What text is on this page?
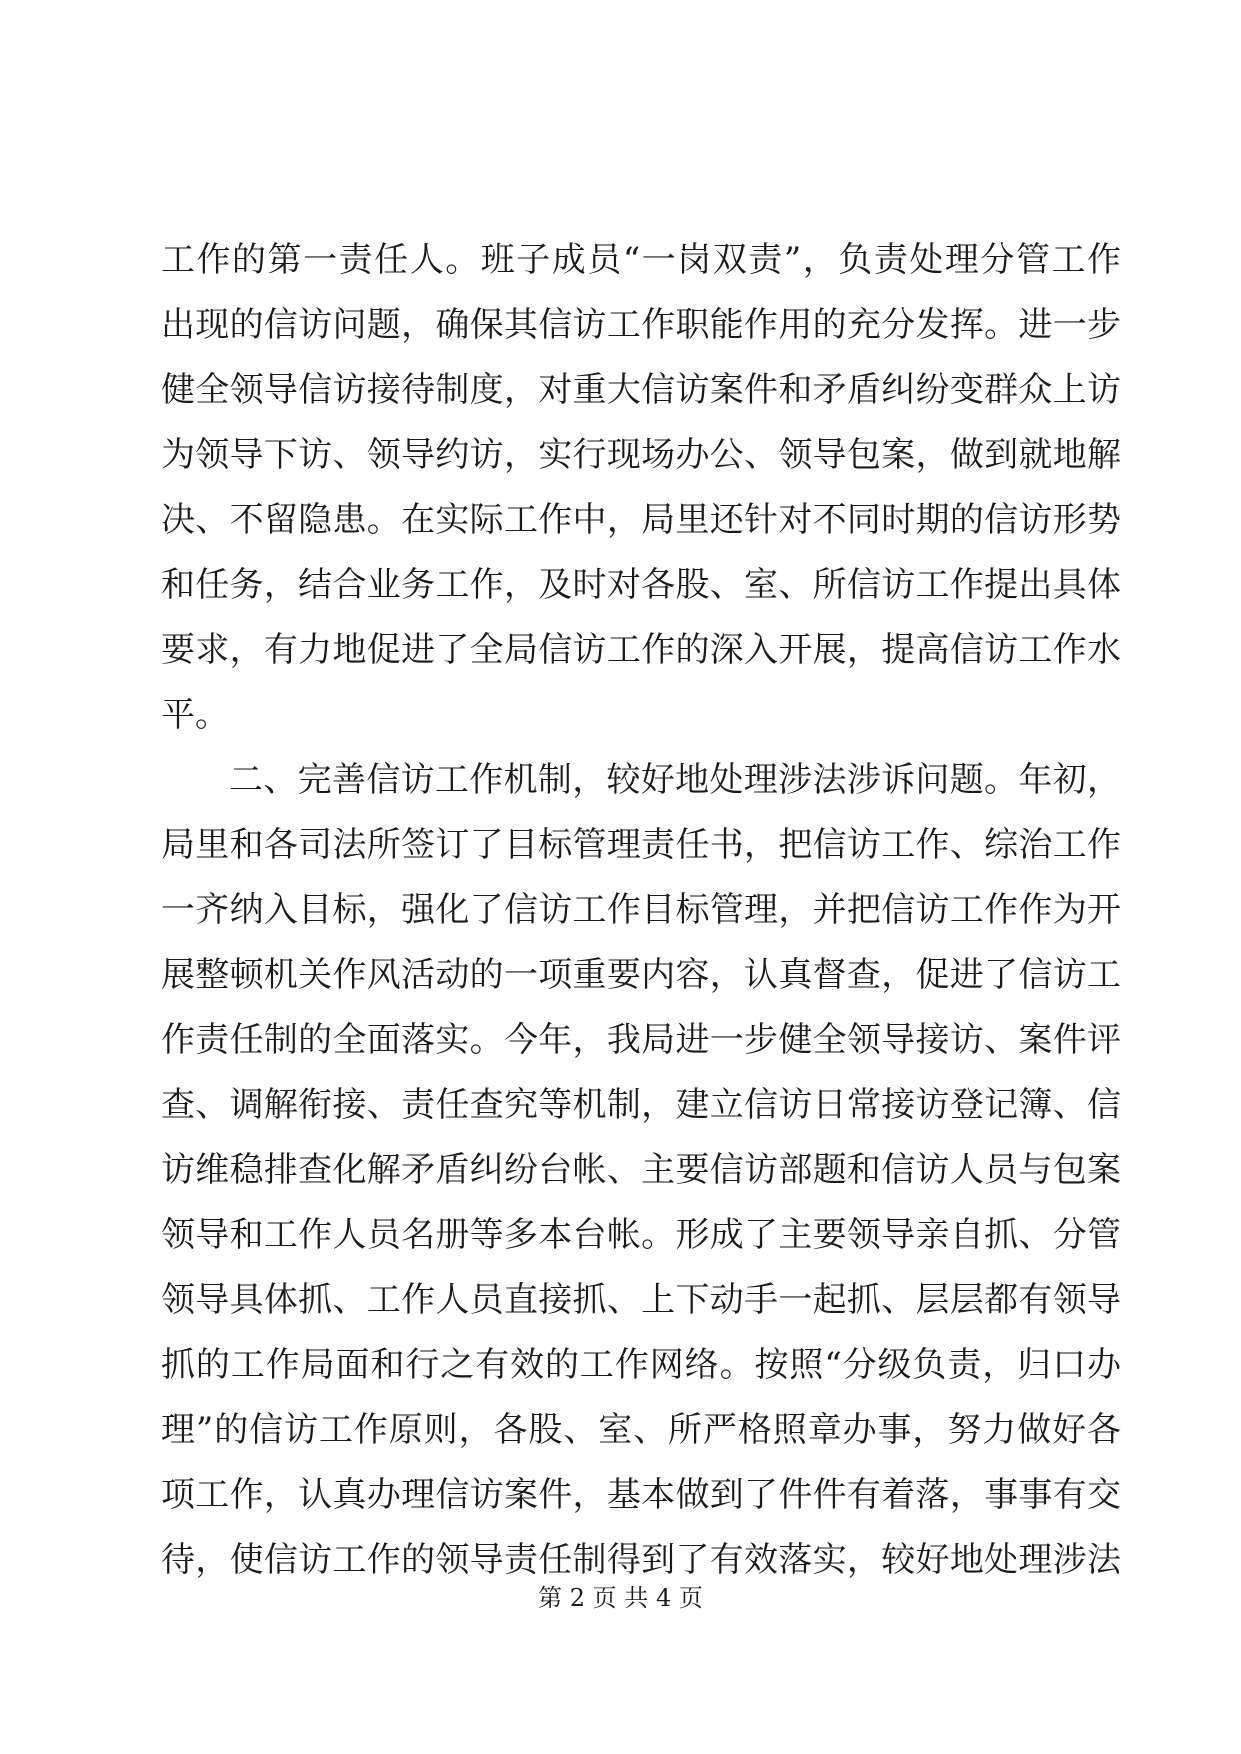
工作的第一责任人。班子成员“一岗双责”，负责处理分管工作
出现的信访问题，确保其信访工作职能作用的充分发挥。进一步
健全领导信访接待制度，对重大信访案件和矛盾纠纷变群众上访
为领导下访、领导约访，实行现场办公、领导包案，做到就地解
决、不留隐患。在实际工作中，局里还针对不同时期的信访形势
和任务，结合业务工作，及时对各股、室、所信访工作提出具体
要求，有力地促进了全局信访工作的深入开展，提高信访工作水
平。
二、完善信访工作机制，较好地处理涉法涉诉问题。年初，
局里和各司法所签订了目标管理责任书，把信访工作、综治工作
一齐纳入目标，强化了信访工作目标管理，并把信访工作作为开
展整顿机关作风活动的一项重要内容，认真督查，促进了信访工
作责任制的全面落实。今年，我局进一步健全领导接访、案件评
查、调解衔接、责任查究等机制，建立信访日常接访登记簿、信
访维稳排查化解矛盾纠纷台帐、主要信访部题和信访人员与包案
领导和工作人员名册等多本台帐。形成了主要领导亲自抓、分管
领导具体抓、工作人员直接抓、上下动手一起抓、层层都有领导
抓的工作局面和行之有效的工作网络。按照“分级负责，归口办
理”的信访工作原则，各股、室、所严格照章办事，努力做好各
项工作，认真办理信访案件，基本做到了件件有着落，事事有交
待，使信访工作的领导责任制得到了有效落实，较好地处理涉法
第 2 页 共 4 页
